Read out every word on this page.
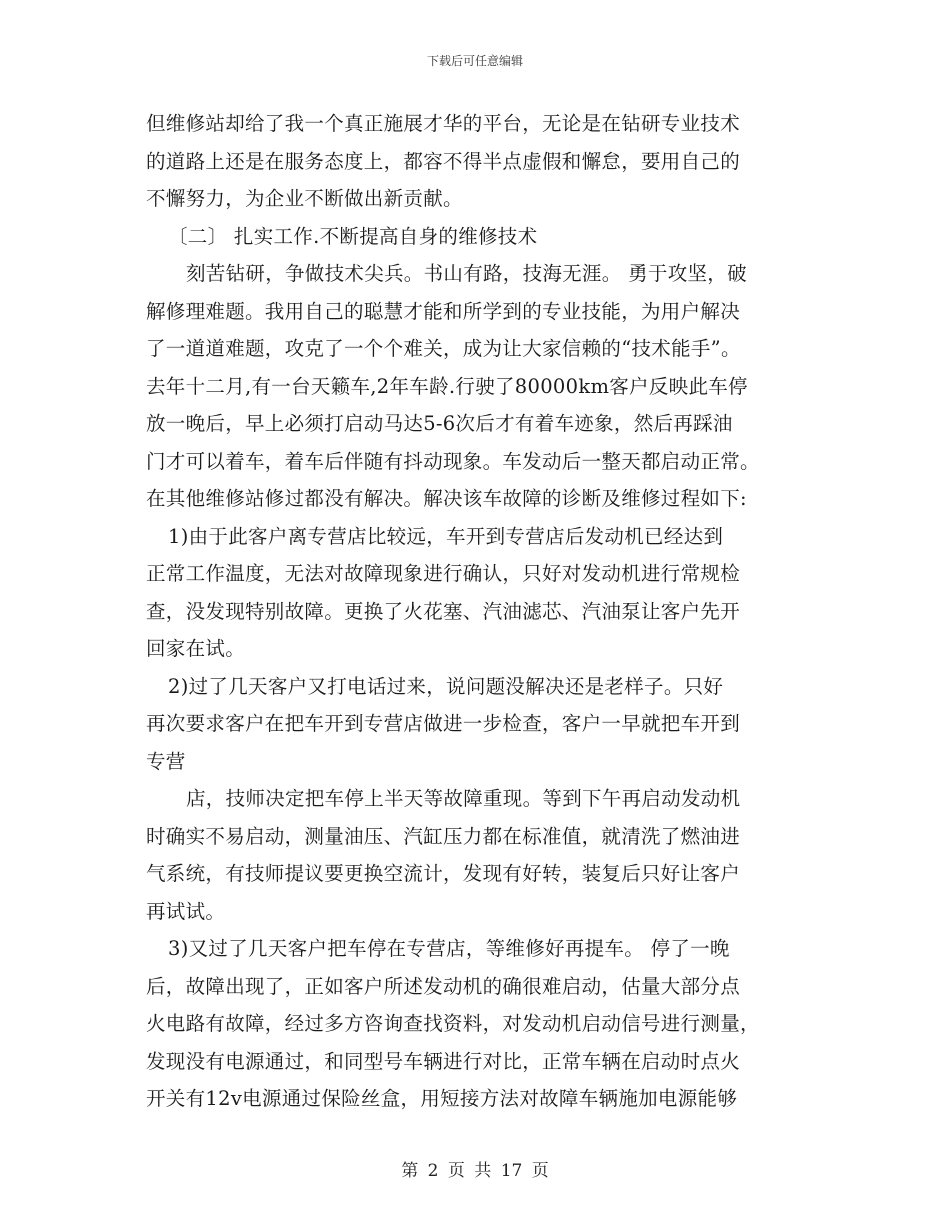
下载后可任意编辑
但维修站却给了我一个真正施展才华的平台，无论是在钻研专业技术
的道路上还是在服务态度上，都容不得半点虚假和懈怠，要用自己的
不懈努力，为企业不断做出新贡献。
〔二〕 扎实工作.不断提高自身的维修技术
刻苦钻研，争做技术尖兵。书山有路，技海无涯。 勇于攻坚，破
解修理难题。我用自己的聪慧才能和所学到的专业技能，为用户解决
了一道道难题，攻克了一个个难关，成为让大家信赖的“技术能手”。
去年十二月,有一台天籁车,2年车龄.行驶了80000km客户反映此车停
放一晚后，早上必须打启动马达5-6次后才有着车迹象，然后再踩油
门才可以着车，着车后伴随有抖动现象。车发动后一整天都启动正常。
在其他维修站修过都没有解决。解决该车故障的诊断及维修过程如下:
1)由于此客户离专营店比较远，车开到专营店后发动机已经达到
正常工作温度，无法对故障现象进行确认，只好对发动机进行常规检
查，没发现特别故障。更换了火花塞、汽油滤芯、汽油泵让客户先开
回家在试。
2)过了几天客户又打电话过来，说问题没解决还是老样子。只好
再次要求客户在把车开到专营店做进一步检查，客户一早就把车开到
专营
店，技师决定把车停上半天等故障重现。等到下午再启动发动机
时确实不易启动，测量油压、汽缸压力都在标准值，就清洗了燃油进
气系统，有技师提议要更换空流计，发现有好转，装复后只好让客户
再试试。
3)又过了几天客户把车停在专营店，等维修好再提车。 停了一晚
后，故障出现了，正如客户所述发动机的确很难启动，估量大部分点
火电路有故障，经过多方咨询查找资料，对发动机启动信号进行测量，
发现没有电源通过，和同型号车辆进行对比，正常车辆在启动时点火
开关有12v电源通过保险丝盒，用短接方法对故障车辆施加电源能够
第 2 页 共 17 页
